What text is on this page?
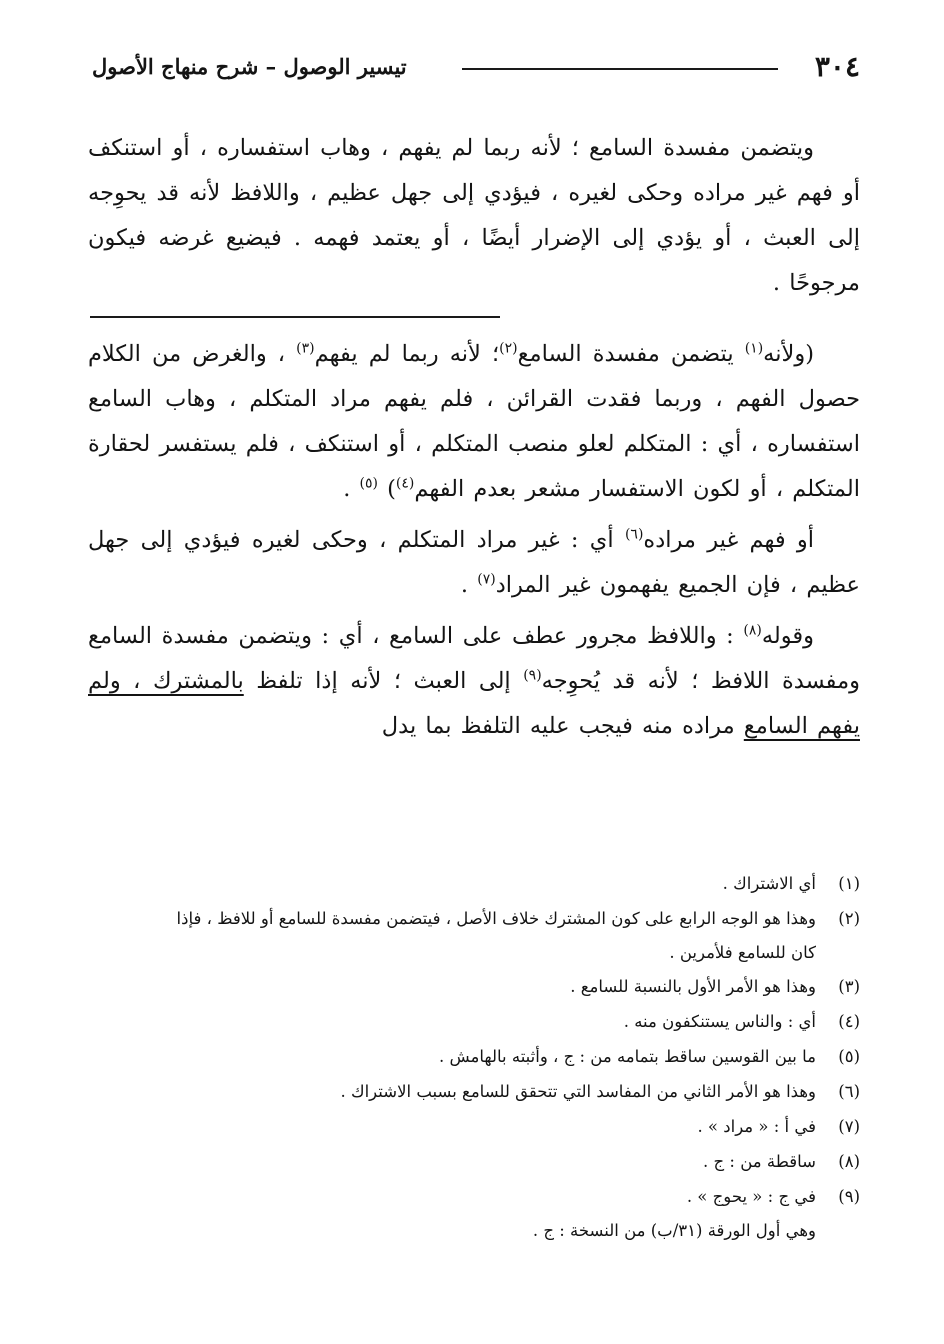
٣٠٤
تيسير الوصول – شرح منهاج الأصول

ويتضمن مفسدة السامع ؛ لأنه ربما لم يفهم ، وهاب استفساره ، أو استنكف أو فهم غير مراده وحكى لغيره ، فيؤدي إلى جهل عظيم ، واللافظ لأنه قد يحوِجه إلى العبث ، أو يؤدي إلى الإضرار أيضًا ، أو يعتمد فهمه . فيضيع غرضه فيكون مرجوحًا .

(ولأنه$^{(١)}$ يتضمن مفسدة السامع$^{(٢)}$؛ لأنه ربما لم يفهم$^{(٣)}$ ، والغرض من الكلام حصول الفهم ، وربما فقدت القرائن ، فلم يفهم مراد المتكلم ، وهاب السامع استفساره ، أي : المتكلم لعلو منصب المتكلم ، أو استنكف ، فلم يستفسر لحقارة المتكلم ، أو لكون الاستفسار مشعر بعدم الفهم$^{(٤)}$) $^{(٥)}$ .

أو فهم غير مراده$^{(٦)}$ أي : غير مراد المتكلم ، وحكى لغيره فيؤدي إلى جهل عظيم ، فإن الجميع يفهمون غير المراد$^{(٧)}$ .

وقوله$^{(٨)}$ : واللافظ مجرور عطف على السامع ، أي : ويتضمن مفسدة السامع ومفسدة اللافظ ؛ لأنه قد يُحوِجه$^{(٩)}$ إلى العبث ؛ لأنه إذا تلفظ بالمشترك ، ولم يفهم السامع مراده منه فيجب عليه التلفظ بما يدل

(١)
أي الاشتراك .

(٢)
وهذا هو الوجه الرابع على كون المشترك خلاف الأصل ، فيتضمن مفسدة للسامع أو للافظ ، فإذا

كان للسامع فلأمرين .

(٣)
وهذا هو الأمر الأول بالنسبة للسامع .

(٤)
أي : والناس يستنكفون منه .

(٥)
ما بين القوسين ساقط بتمامه من : ج ، وأثبته بالهامش .

(٦)
وهذا هو الأمر الثاني من المفاسد التي تتحقق للسامع بسبب الاشتراك .

(٧)
في أ : « مراد » .

(٨)
ساقطة من : ج .

(٩)
في ج : « يحوج » .

وهي أول الورقة (٣١/ب) من النسخة : ج .
